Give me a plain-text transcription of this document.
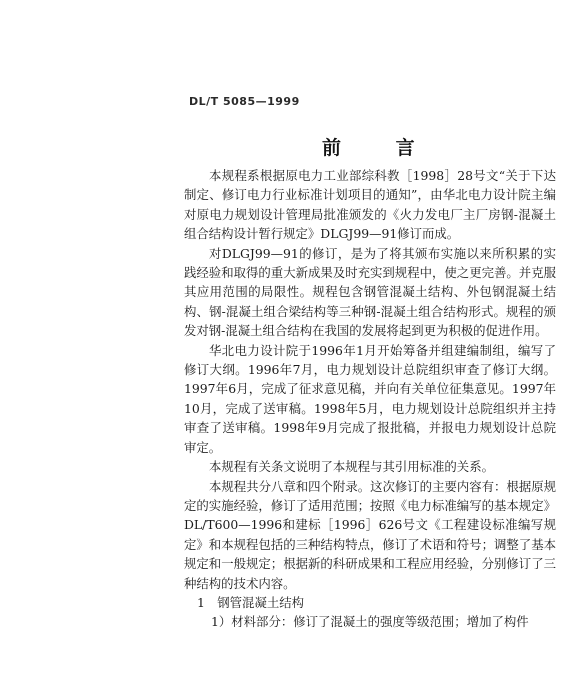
DL/T 5085—1999
前 言

本规程系根据原电力工业部综科教［1998］28号文“关于下达制定、修订电力行业标准计划项目的通知”，由华北电力设计院主编对原电力规划设计管理局批准颁发的《火力发电厂主厂房钢-混凝土组合结构设计暂行规定》DLGJ99—91修订而成。

对DLGJ99—91的修订，是为了将其颁布实施以来所积累的实践经验和取得的重大新成果及时充实到规程中，使之更完善。并克服其应用范围的局限性。规程包含钢管混凝土结构、外包钢混凝土结构、钢-混凝土组合梁结构等三种钢-混凝土组合结构形式。规程的颁发对钢-混凝土组合结构在我国的发展将起到更为积极的促进作用。

华北电力设计院于1996年1月开始筹备并组建编制组，编写了修订大纲。1996年7月，电力规划设计总院组织审查了修订大纲。1997年6月，完成了征求意见稿，并向有关单位征集意见。1997年10月，完成了送审稿。1998年5月，电力规划设计总院组织并主持审查了送审稿。1998年9月完成了报批稿，并报电力规划设计总院审定。

本规程有关条文说明了本规程与其引用标准的关系。

本规程共分八章和四个附录。这次修订的主要内容有：根据原规定的实施经验，修订了适用范围；按照《电力标准编写的基本规定》DL/T600—1996和建标［1996］626号文《工程建设标准编写规定》和本规程包括的三种结构特点，修订了术语和符号；调整了基本规定和一般规定；根据新的科研成果和工程应用经验，分别修订了三种结构的技术内容。

1　钢管混凝土结构

1）材料部分：修订了混凝土的强度等级范围；增加了构件
